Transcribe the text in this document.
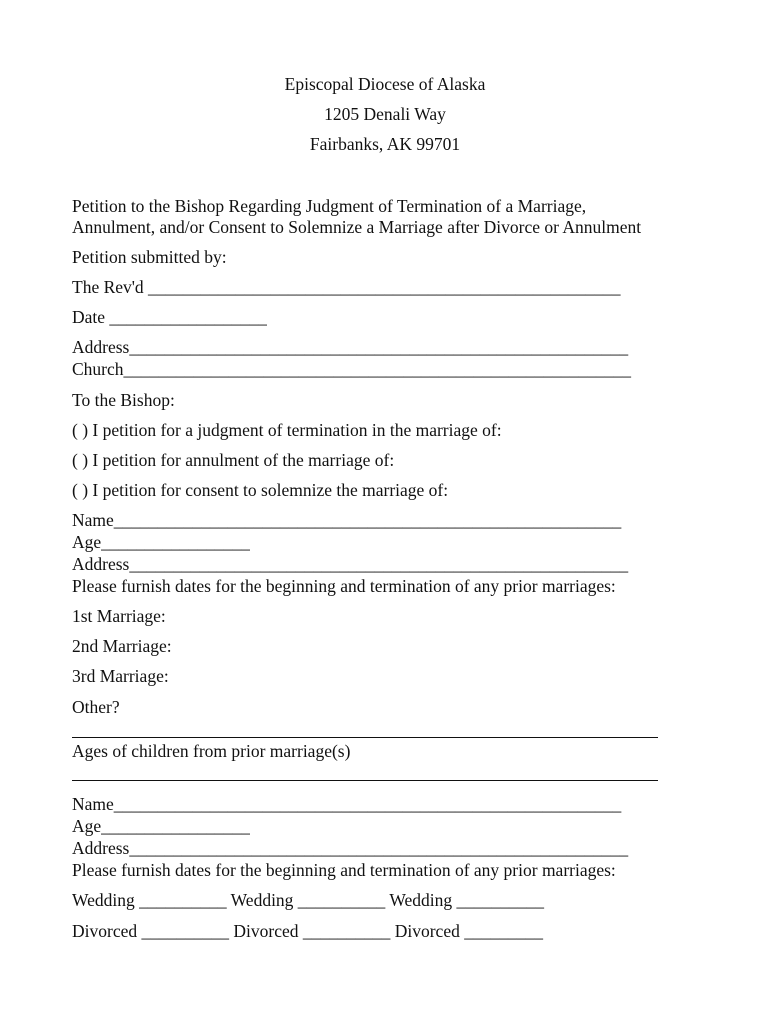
Episcopal Diocese of Alaska
1205 Denali Way
Fairbanks, AK 99701
Petition to the Bishop Regarding Judgment of Termination of a Marriage,
Annulment, and/or Consent to Solemnize a Marriage after Divorce or Annulment
Petition submitted by:
The Rev'd ______________________________________________________
Date __________________
Address_________________________________________________________
Church__________________________________________________________
To the Bishop:
( ) I petition for a judgment of termination in the marriage of:
( ) I petition for annulment of the marriage of:
( ) I petition for consent to solemnize the marriage of:
Name__________________________________________________________
Age_________________
Address_________________________________________________________
Please furnish dates for the beginning and termination of any prior marriages:
1st Marriage:
2nd Marriage:
3rd Marriage:
Other?
Ages of children from prior marriage(s)
Name__________________________________________________________
Age_________________
Address_________________________________________________________
Please furnish dates for the beginning and termination of any prior marriages:
Wedding __________ Wedding __________ Wedding __________
Divorced __________ Divorced __________ Divorced _________
